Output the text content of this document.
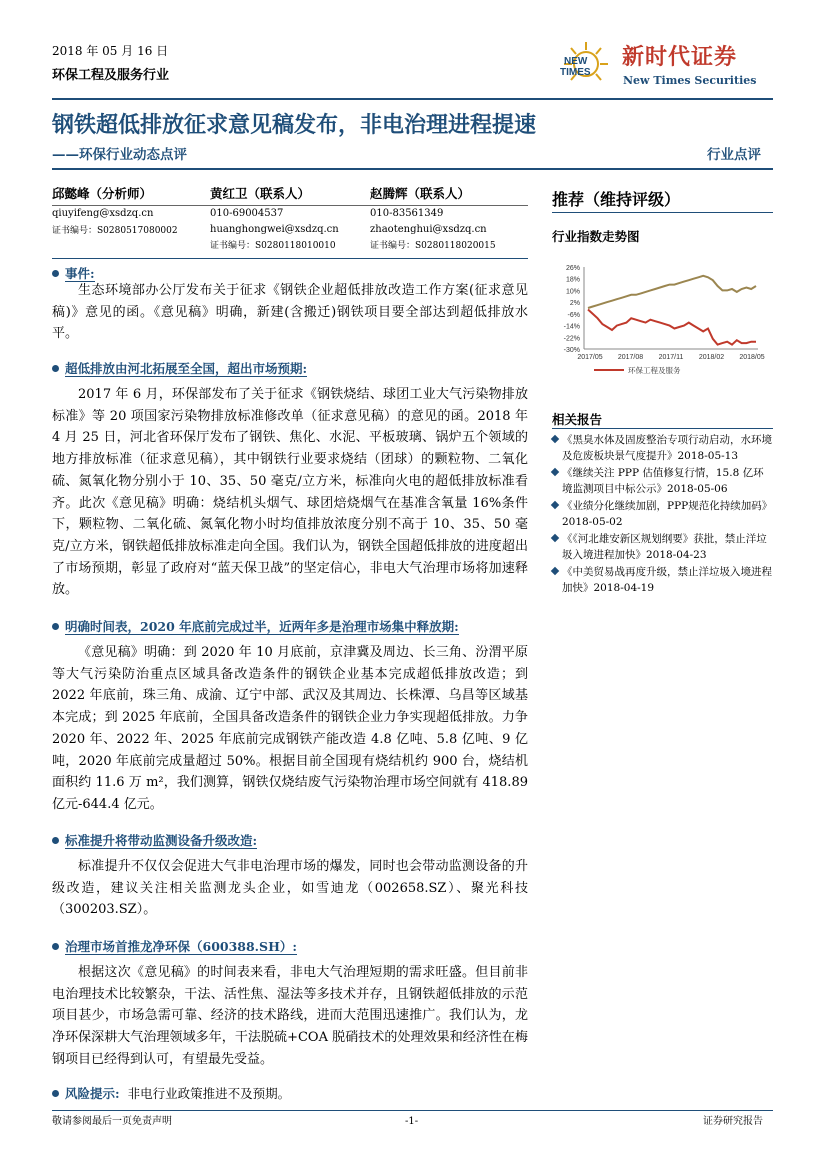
2018 年 05 月 16 日
环保工程及服务行业
NEW
TIMES
新时代证券
New Times Securities
钢铁超低排放征求意见稿发布，非电治理进程提速
——环保行业动态点评	行业点评
邱懿峰（分析师）
qiuyifeng@xsdzq.cn
证书编号：S0280517080002
黄红卫（联系人）
010-69004537
huanghongwei@xsdzq.cn
证书编号：S0280118010010
赵腾辉（联系人）
010-83561349
zhaotenghui@xsdzq.cn
证书编号：S0280118020015
推荐（维持评级）
行业指数走势图
26%
18%
10%
2%
-6%
-14%
-22%
-30%
2017/05 2017/08 2017/11 2018/02 2018/05
环保工程及服务
相关报告
《黑臭水体及固废整治专项行动启动，水环境及危废板块景气度提升》2018-05-13
《继续关注 PPP 估值修复行情，15.8 亿环境监测项目中标公示》2018-05-06
《业绩分化继续加剧，PPP规范化持续加码》2018-05-02
《《河北雄安新区规划纲要》获批，禁止洋垃圾入境进程加快》2018-04-23
《中美贸易战再度升级，禁止洋垃圾入境进程加快》2018-04-19
事件:

生态环境部办公厅发布关于征求《钢铁企业超低排放改造工作方案(征求意见稿)》意见的函。《意见稿》明确，新建(含搬迁)钢铁项目要全部达到超低排放水平。

超低排放由河北拓展至全国，超出市场预期:

2017 年 6 月，环保部发布了关于征求《钢铁烧结、球团工业大气污染物排放标准》等 20 项国家污染物排放标准修改单（征求意见稿）的意见的函。2018 年 4 月 25 日，河北省环保厅发布了钢铁、焦化、水泥、平板玻璃、锅炉五个领域的地方排放标准（征求意见稿），其中钢铁行业要求烧结（团球）的颗粒物、二氧化硫、氮氧化物分别小于 10、35、50 毫克/立方米，标准向火电的超低排放标准看齐。此次《意见稿》明确：烧结机头烟气、球团焙烧烟气在基准含氧量 16%条件下，颗粒物、二氧化硫、氮氧化物小时均值排放浓度分别不高于 10、35、50 毫克/立方米，钢铁超低排放标准走向全国。我们认为，钢铁全国超低排放的进度超出了市场预期，彰显了政府对“蓝天保卫战”的坚定信心，非电大气治理市场将加速释放。

明确时间表，2020 年底前完成过半，近两年多是治理市场集中释放期:

《意见稿》明确：到 2020 年 10 月底前，京津冀及周边、长三角、汾渭平原等大气污染防治重点区域具备改造条件的钢铁企业基本完成超低排放改造；到 2022 年底前，珠三角、成渝、辽宁中部、武汉及其周边、长株潭、乌昌等区域基本完成；到 2025 年底前，全国具备改造条件的钢铁企业力争实现超低排放。力争 2020 年、2022 年、2025 年底前完成钢铁产能改造 4.8 亿吨、5.8 亿吨、9 亿吨，2020 年底前完成量超过 50%。根据目前全国现有烧结机约 900 台，烧结机面积约 11.6 万 m²，我们测算，钢铁仅烧结废气污染物治理市场空间就有 418.89 亿元-644.4 亿元。

标准提升将带动监测设备升级改造:

标准提升不仅仅会促进大气非电治理市场的爆发，同时也会带动监测设备的升级改造，建议关注相关监测龙头企业，如雪迪龙（002658.SZ）、聚光科技（300203.SZ）。

治理市场首推龙净环保（600388.SH）:

根据这次《意见稿》的时间表来看，非电大气治理短期的需求旺盛。但目前非电治理技术比较繁杂，干法、活性焦、湿法等多技术并存，且钢铁超低排放的示范项目甚少，市场急需可靠、经济的技术路线，进而大范围迅速推广。我们认为，龙净环保深耕大气治理领域多年，干法脱硫+COA 脱硝技术的处理效果和经济性在梅钢项目已经得到认可，有望最先受益。

风险提示: 非电行业政策推进不及预期。
敬请参阅最后一页免责声明	-1-	证券研究报告
